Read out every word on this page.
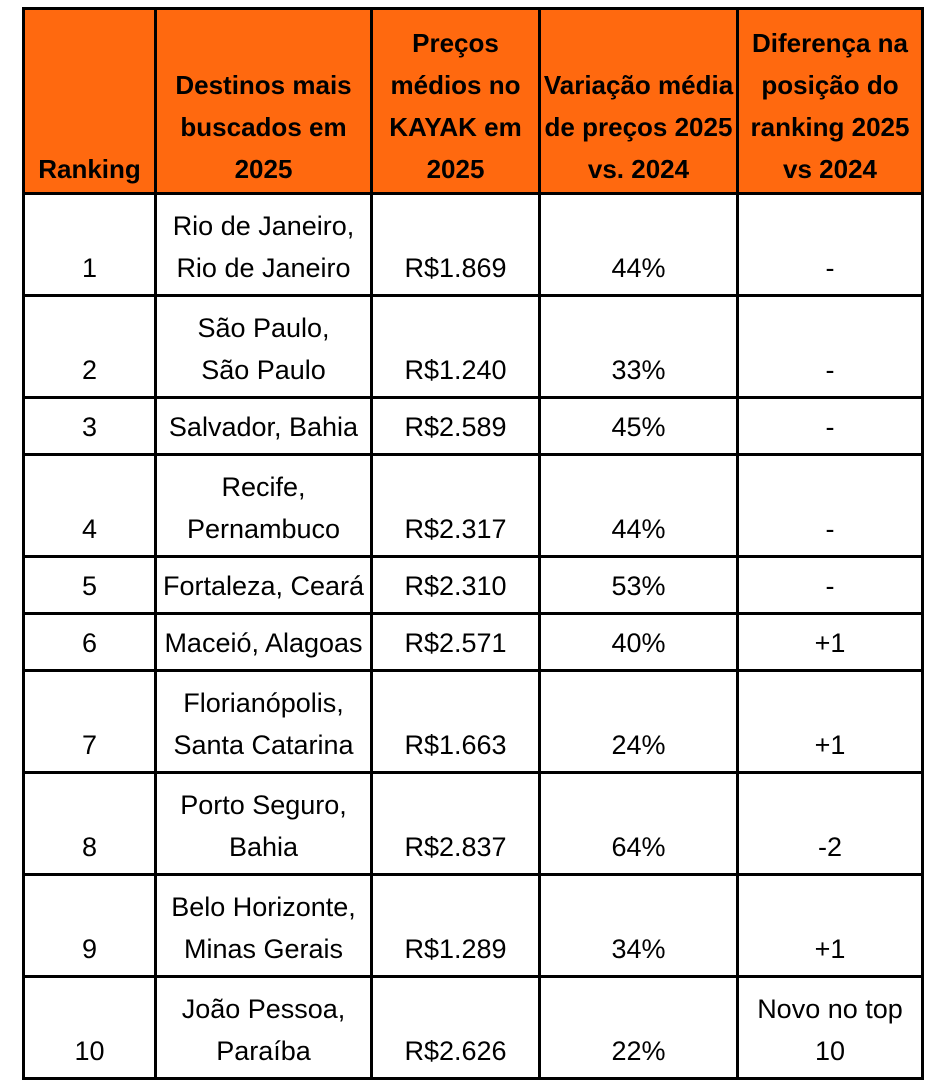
Ranking	Destinos mais
buscados em
2025	Preços
médios no
KAYAK em
2025	Variação média
de preços 2025
vs. 2024	Diferença na
posição do
ranking 2025
vs 2024

1	Rio de Janeiro,
Rio de Janeiro	R$1.869	44%	-

2	São Paulo,
São Paulo	R$1.240	33%	-

3	Salvador, Bahia	R$2.589	45%	-

4	Recife,
Pernambuco	R$2.317	44%	-

5	Fortaleza, Ceará	R$2.310	53%	-

6	Maceió, Alagoas	R$2.571	40%	+1

7	Florianópolis,
Santa Catarina	R$1.663	24%	+1

8	Porto Seguro,
Bahia	R$2.837	64%	-2

9	Belo Horizonte,
Minas Gerais	R$1.289	34%	+1

10	João Pessoa,
Paraíba	R$2.626	22%	Novo no top
10
